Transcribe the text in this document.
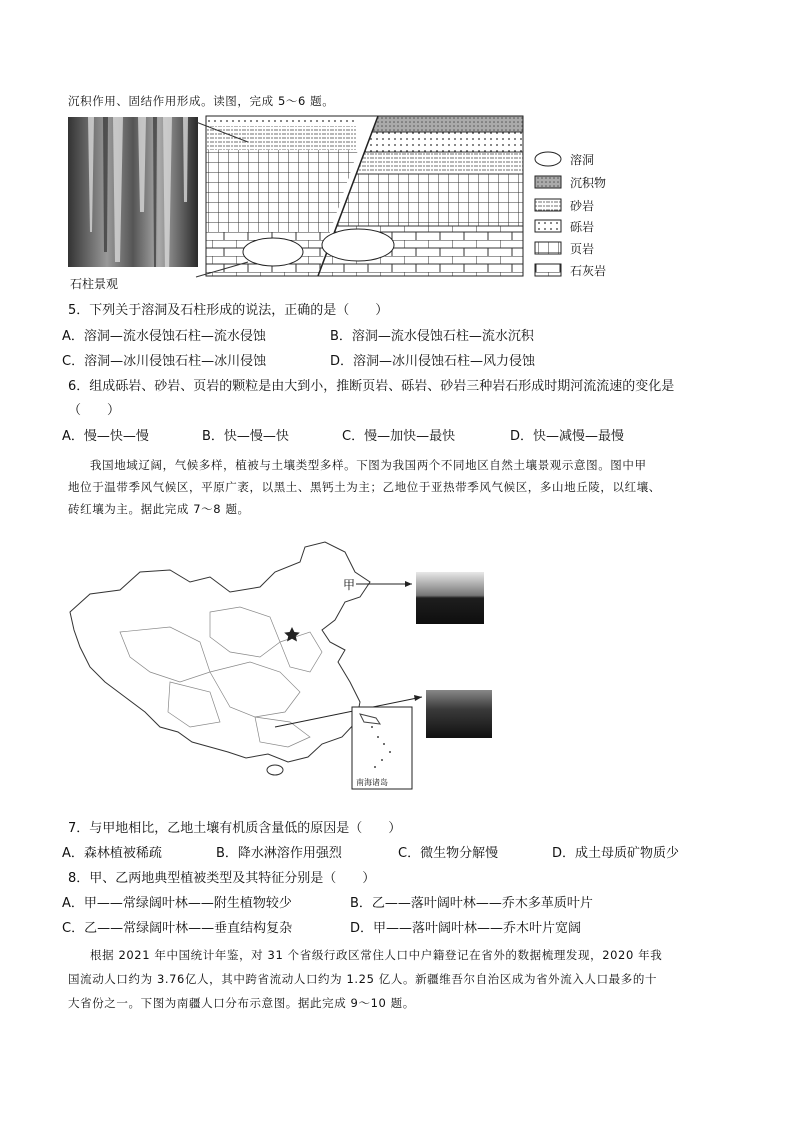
沉积作用、固结作用形成。读图，完成 5～6 题。
石柱景观
溶洞
沉积物
砂岩
砾岩
页岩
石灰岩
5．下列关于溶洞及石柱形成的说法，正确的是（　　）
A．溶洞—流水侵蚀石柱—流水侵蚀	B．溶洞—流水侵蚀石柱—流水沉积
C．溶洞—冰川侵蚀石柱—冰川侵蚀	D．溶洞—冰川侵蚀石柱—风力侵蚀
6．组成砾岩、砂岩、页岩的颗粒是由大到小，推断页岩、砾岩、砂岩三种岩石形成时期河流流速的变化是
（　　）
A．慢—快—慢	B．快—慢—快	C．慢—加快—最快	D．快—减慢—最慢
我国地域辽阔，气候多样，植被与土壤类型多样。下图为我国两个不同地区自然土壤景观示意图。图中甲
地位于温带季风气候区，平原广袤，以黑土、黑钙土为主；乙地位于亚热带季风气候区，多山地丘陵，以红壤、
砖红壤为主。据此完成 7～8 题。
甲
南海诸岛
7．与甲地相比，乙地土壤有机质含量低的原因是（　　）
A．森林植被稀疏	B．降水淋溶作用强烈	C．微生物分解慢	D．成土母质矿物质少
8．甲、乙两地典型植被类型及其特征分别是（　　）
A．甲——常绿阔叶林——附生植物较少	B．乙——落叶阔叶林——乔木多革质叶片
C．乙——常绿阔叶林——垂直结构复杂	D．甲——落叶阔叶林——乔木叶片宽阔
根据 2021 年中国统计年鉴，对 31 个省级行政区常住人口中户籍登记在省外的数据梳理发现，2020 年我
国流动人口约为 3.76亿人，其中跨省流动人口约为 1.25 亿人。新疆维吾尔自治区成为省外流入人口最多的十
大省份之一。下图为南疆人口分布示意图。据此完成 9～10 题。
